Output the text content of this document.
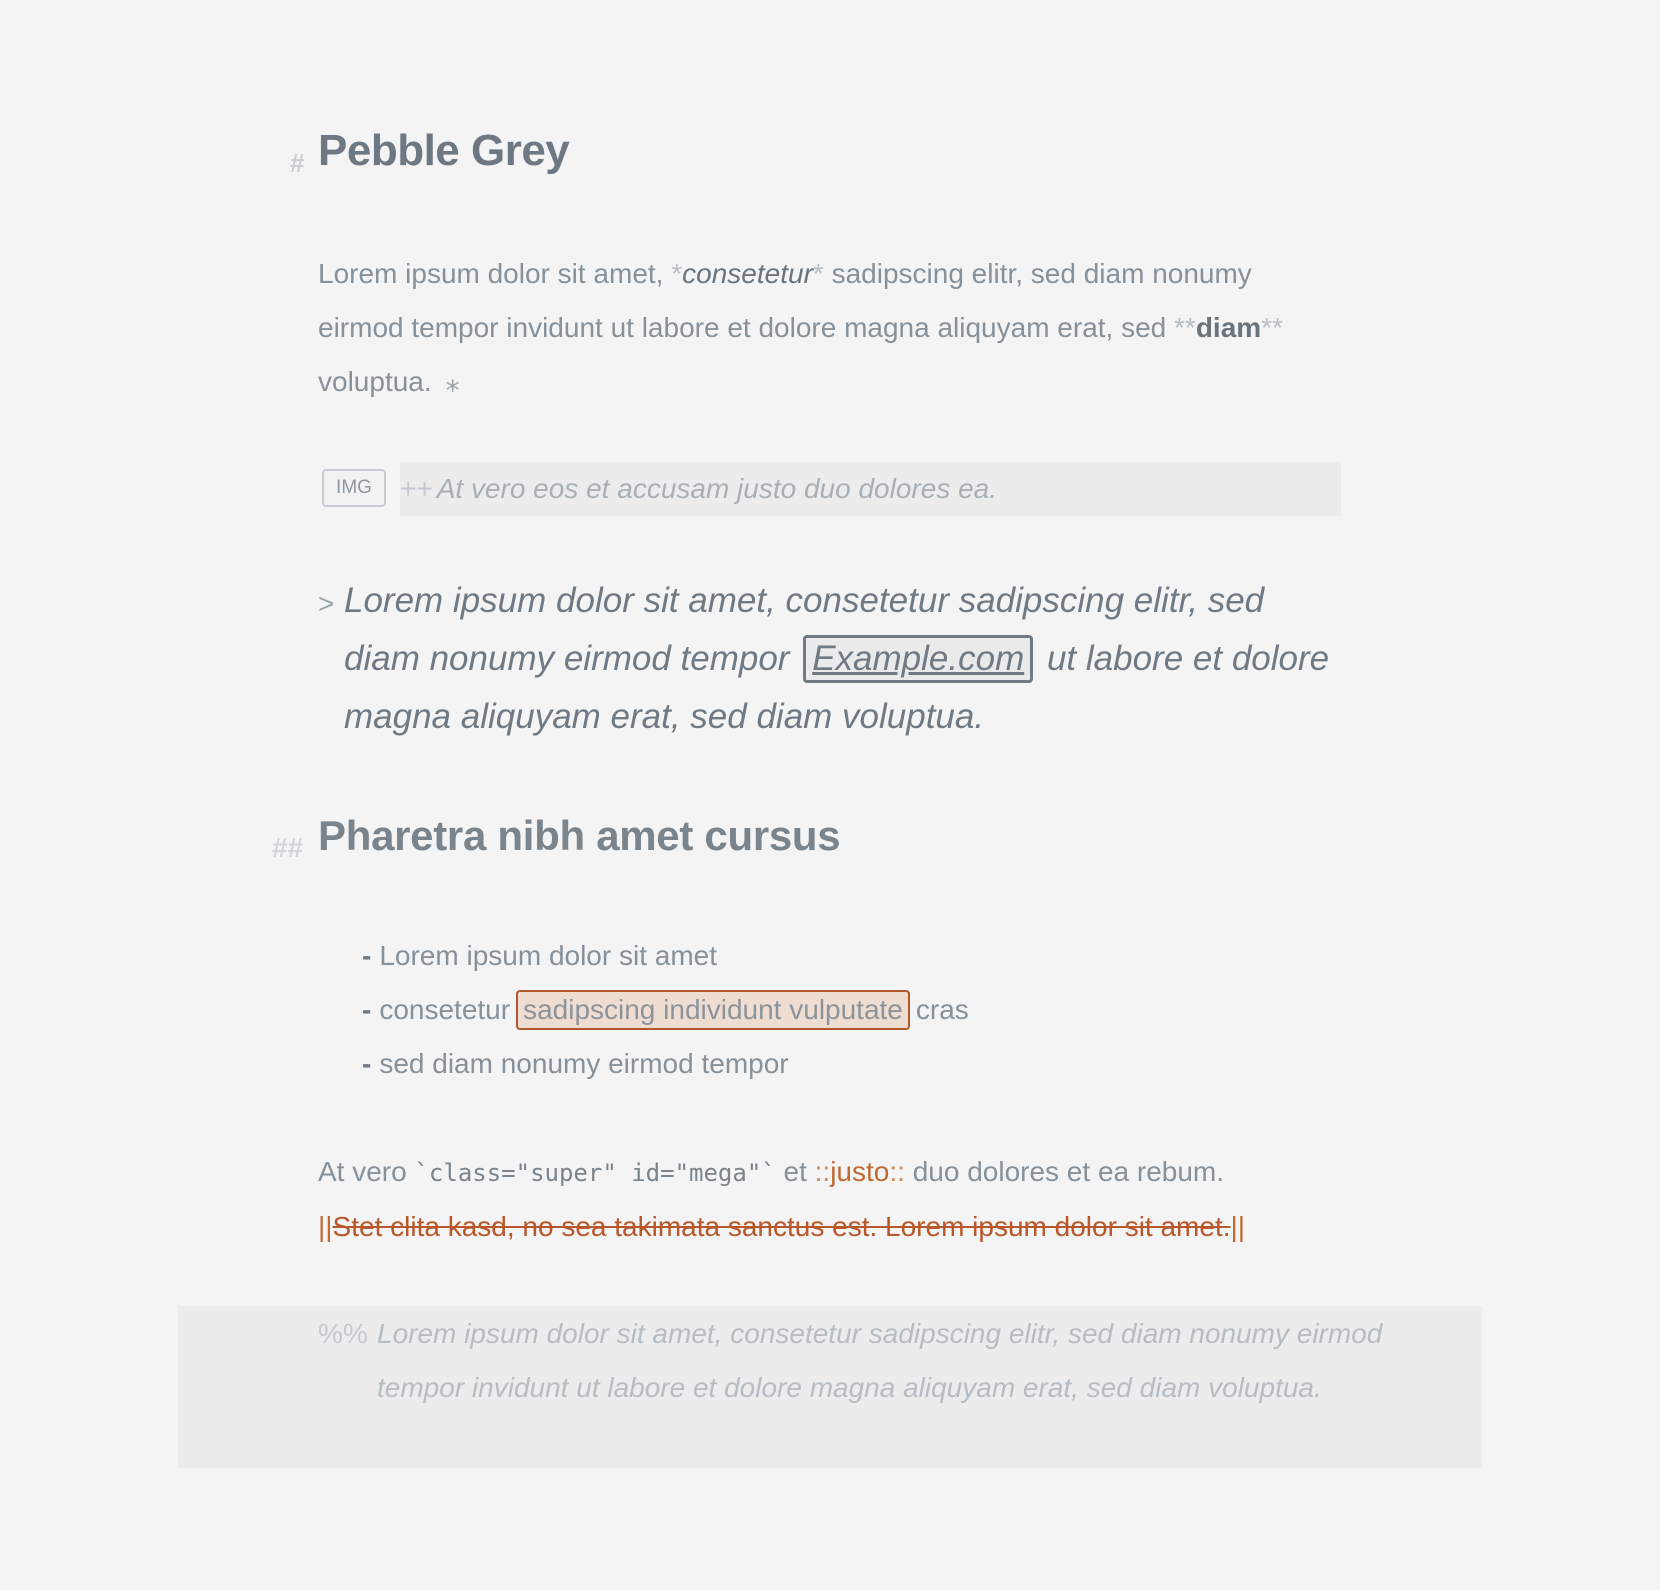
# Pebble Grey
Lorem ipsum dolor sit amet, *consetetur* sadipscing elitr, sed diam nonumy eirmod tempor invidunt ut labore et dolore magna aliquyam erat, sed **diam** voluptua. ⁎
IMG	++ At vero eos et accusam justo duo dolores ea.
> Lorem ipsum dolor sit amet, consetetur sadipscing elitr, sed diam nonumy eirmod tempor Example.com ut labore et dolore magna aliquyam erat, sed diam voluptua.
## Pharetra nibh amet cursus
- Lorem ipsum dolor sit amet
- consetetur sadipscing individunt vulputate cras
- sed diam nonumy eirmod tempor
At vero `class="super" id="mega"` et ::justo:: duo dolores et ea rebum.
||Stet clita kasd, no sea takimata sanctus est. Lorem ipsum dolor sit amet.||
%% Lorem ipsum dolor sit amet, consetetur sadipscing elitr, sed diam nonumy eirmod tempor invidunt ut labore et dolore magna aliquyam erat, sed diam voluptua.
